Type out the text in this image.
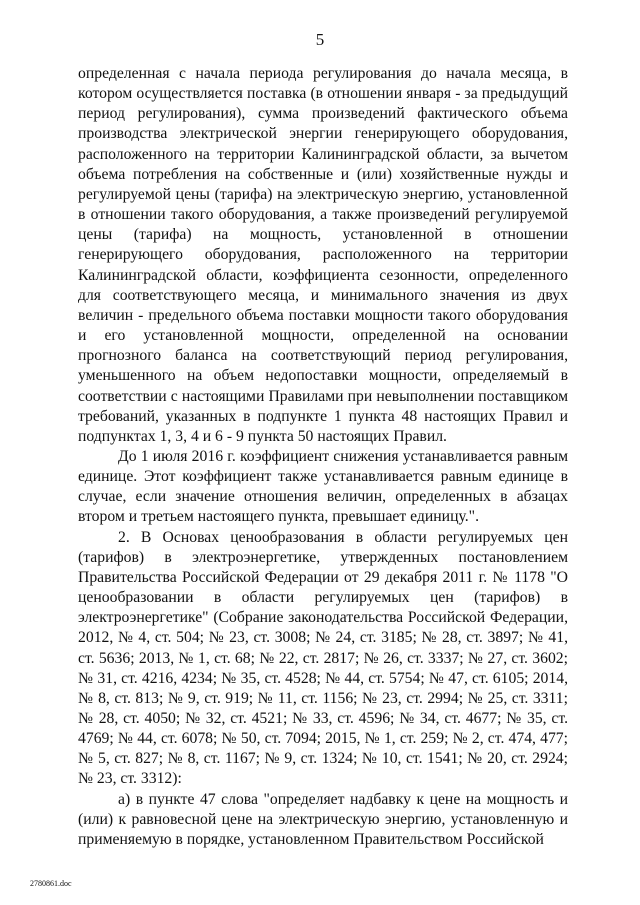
5

определенная с начала периода регулирования до начала месяца, в котором осуществляется поставка (в отношении января - за предыдущий период регулирования), сумма произведений фактического объема производства электрической энергии генерирующего оборудования, расположенного на территории Калининградской области, за вычетом объема потребления на собственные и (или) хозяйственные нужды и регулируемой цены (тарифа) на электрическую энергию, установленной в отношении такого оборудования, а также произведений регулируемой цены (тарифа) на мощность, установленной в отношении генерирующего оборудования, расположенного на территории Калининградской области, коэффициента сезонности, определенного для соответствующего месяца, и минимального значения из двух величин - предельного объема поставки мощности такого оборудования и его установленной мощности, определенной на основании прогнозного баланса на соответствующий период регулирования, уменьшенного на объем недопоставки мощности, определяемый в соответствии с настоящими Правилами при невыполнении поставщиком требований, указанных в подпункте 1 пункта 48 настоящих Правил и подпунктах 1, 3, 4 и 6 - 9 пункта 50 настоящих Правил.

До 1 июля 2016 г. коэффициент снижения устанавливается равным единице. Этот коэффициент также устанавливается равным единице в случае, если значение отношения величин, определенных в абзацах втором и третьем настоящего пункта, превышает единицу.".

2. В Основах ценообразования в области регулируемых цен (тарифов) в электроэнергетике, утвержденных постановлением Правительства Российской Федерации от 29 декабря 2011 г. № 1178 "О ценообразовании в области регулируемых цен (тарифов) в электроэнергетике" (Собрание законодательства Российской Федерации, 2012, № 4, ст. 504; № 23, ст. 3008; № 24, ст. 3185; № 28, ст. 3897; № 41, ст. 5636; 2013, № 1, ст. 68; № 22, ст. 2817; № 26, ст. 3337; № 27, ст. 3602; № 31, ст. 4216, 4234; № 35, ст. 4528; № 44, ст. 5754; № 47, ст. 6105; 2014, № 8, ст. 813; № 9, ст. 919; № 11, ст. 1156; № 23, ст. 2994; № 25, ст. 3311; № 28, ст. 4050; № 32, ст. 4521; № 33, ст. 4596; № 34, ст. 4677; № 35, ст. 4769; № 44, ст. 6078; № 50, ст. 7094; 2015, № 1, ст. 259; № 2, ст. 474, 477; № 5, ст. 827; № 8, ст. 1167; № 9, ст. 1324; № 10, ст. 1541; № 20, ст. 2924; № 23, ст. 3312):

а) в пункте 47 слова "определяет надбавку к цене на мощность и (или) к равновесной цене на электрическую энергию, установленную и применяемую в порядке, установленном Правительством Российской

2780861.doc
